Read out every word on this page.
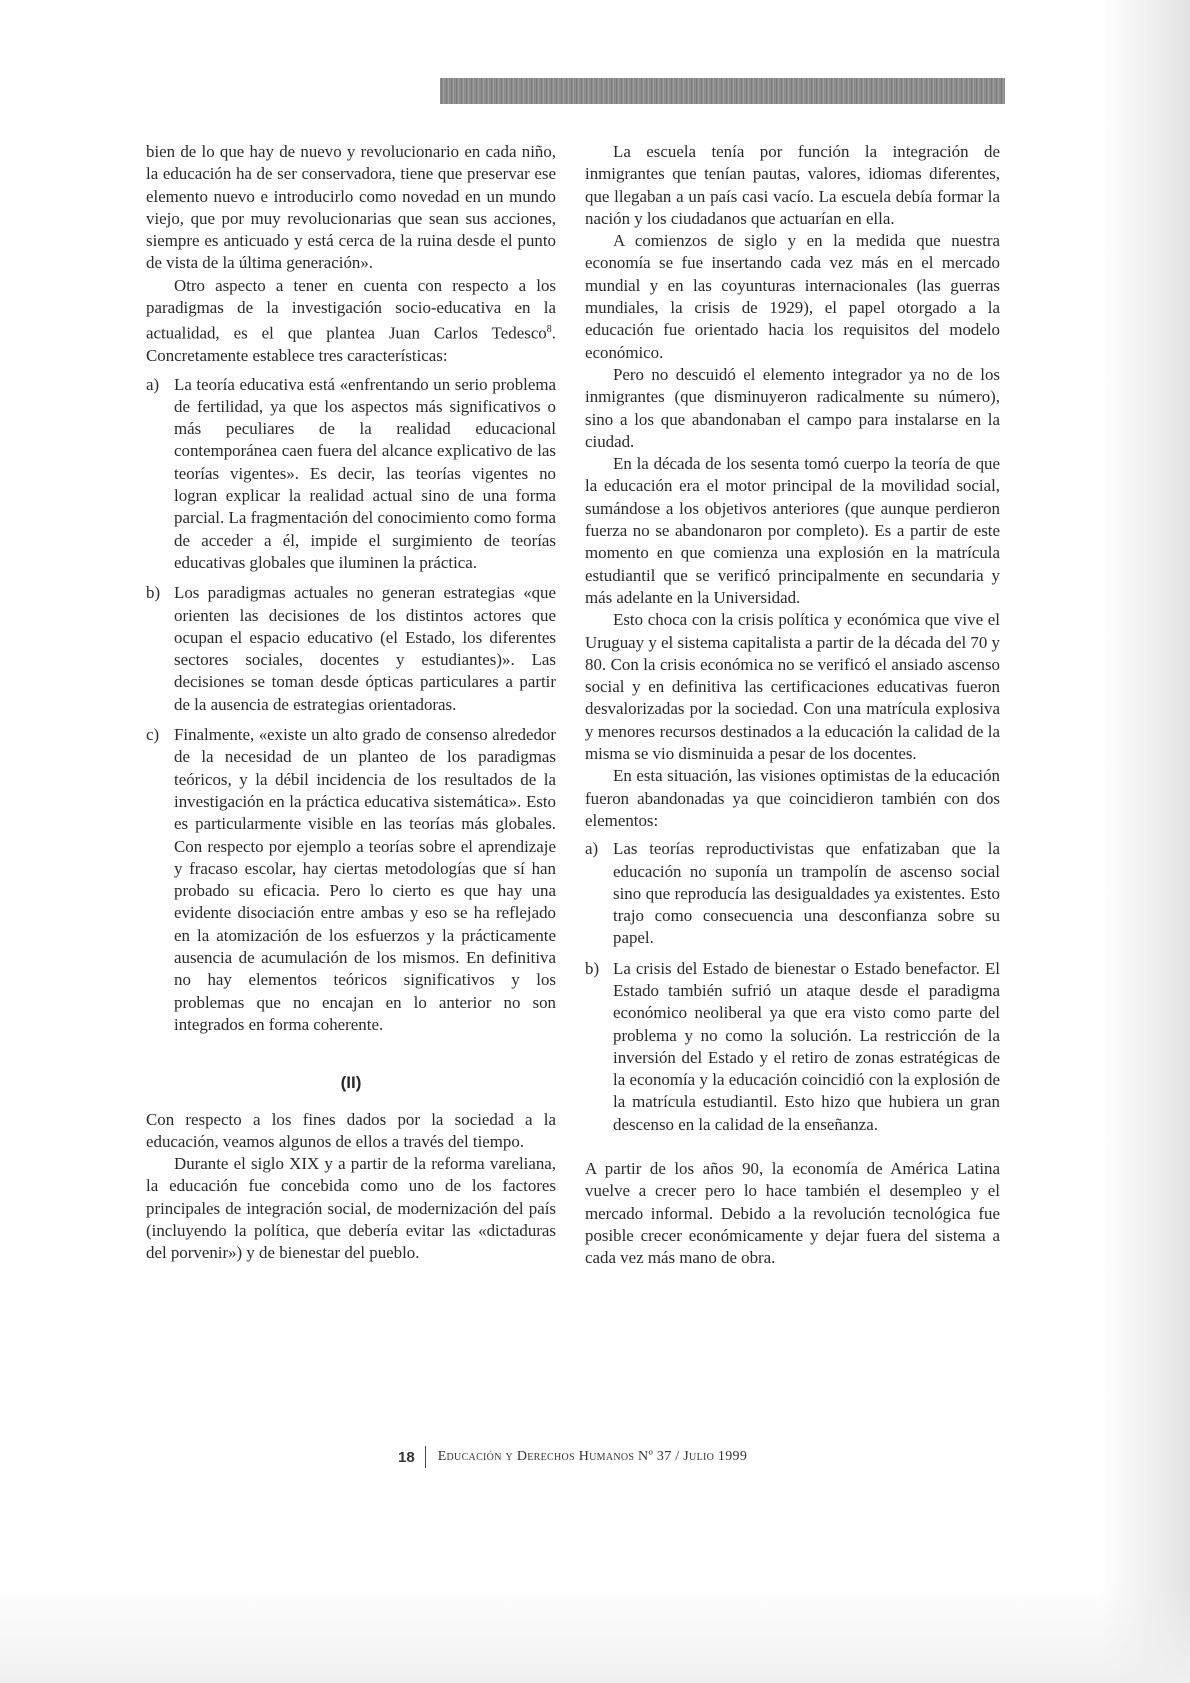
bien de lo que hay de nuevo y revolucionario en cada niño, la educación ha de ser conservadora, tiene que preservar ese elemento nuevo e introducirlo como novedad en un mundo viejo, que por muy revolucionarias que sean sus acciones, siempre es anticuado y está cerca de la ruina desde el punto de vista de la última generación».

Otro aspecto a tener en cuenta con respecto a los paradigmas de la investigación socio-educativa en la actualidad, es el que plantea Juan Carlos Tedesco$^8$. Concretamente establece tres características:

a) La teoría educativa está «enfrentando un serio problema de fertilidad, ya que los aspectos más significativos o más peculiares de la realidad educacional contemporánea caen fuera del alcance explicativo de las teorías vigentes». Es decir, las teorías vigentes no logran explicar la realidad actual sino de una forma parcial. La fragmentación del conocimiento como forma de acceder a él, impide el surgimiento de teorías educativas globales que iluminen la práctica.
b) Los paradigmas actuales no generan estrategias «que orienten las decisiones de los distintos actores que ocupan el espacio educativo (el Estado, los diferentes sectores sociales, docentes y estudiantes)». Las decisiones se toman desde ópticas particulares a partir de la ausencia de estrategias orientadoras.
c) Finalmente, «existe un alto grado de consenso alrededor de la necesidad de un planteo de los paradigmas teóricos, y la débil incidencia de los resultados de la investigación en la práctica educativa sistemática». Esto es particularmente visible en las teorías más globales. Con respecto por ejemplo a teorías sobre el aprendizaje y fracaso escolar, hay ciertas metodologías que sí han probado su eficacia. Pero lo cierto es que hay una evidente disociación entre ambas y eso se ha reflejado en la atomización de los esfuerzos y la prácticamente ausencia de acumulación de los mismos. En definitiva no hay elementos teóricos significativos y los problemas que no encajan en lo anterior no son integrados en forma coherente.
(II)

Con respecto a los fines dados por la sociedad a la educación, veamos algunos de ellos a través del tiempo.

Durante el siglo XIX y a partir de la reforma vareliana, la educación fue concebida como uno de los factores principales de integración social, de modernización del país (incluyendo la política, que debería evitar las «dictaduras del porvenir») y de bienestar del pueblo.

La escuela tenía por función la integración de inmigrantes que tenían pautas, valores, idiomas diferentes, que llegaban a un país casi vacío. La escuela debía formar la nación y los ciudadanos que actuarían en ella.

A comienzos de siglo y en la medida que nuestra economía se fue insertando cada vez más en el mercado mundial y en las coyunturas internacionales (las guerras mundiales, la crisis de 1929), el papel otorgado a la educación fue orientado hacia los requisitos del modelo económico.

Pero no descuidó el elemento integrador ya no de los inmigrantes (que disminuyeron radicalmente su número), sino a los que abandonaban el campo para instalarse en la ciudad.

En la década de los sesenta tomó cuerpo la teoría de que la educación era el motor principal de la movilidad social, sumándose a los objetivos anteriores (que aunque perdieron fuerza no se abandonaron por completo). Es a partir de este momento en que comienza una explosión en la matrícula estudiantil que se verificó principalmente en secundaria y más adelante en la Universidad.

Esto choca con la crisis política y económica que vive el Uruguay y el sistema capitalista a partir de la década del 70 y 80. Con la crisis económica no se verificó el ansiado ascenso social y en definitiva las certificaciones educativas fueron desvalorizadas por la sociedad. Con una matrícula explosiva y menores recursos destinados a la educación la calidad de la misma se vio disminuida a pesar de los docentes.

En esta situación, las visiones optimistas de la educación fueron abandonadas ya que coincidieron también con dos elementos:

a) Las teorías reproductivistas que enfatizaban que la educación no suponía un trampolín de ascenso social sino que reproducía las desigualdades ya existentes. Esto trajo como consecuencia una desconfianza sobre su papel.
b) La crisis del Estado de bienestar o Estado benefactor. El Estado también sufrió un ataque desde el paradigma económico neoliberal ya que era visto como parte del problema y no como la solución. La restricción de la inversión del Estado y el retiro de zonas estratégicas de la economía y la educación coincidió con la explosión de la matrícula estudiantil. Esto hizo que hubiera un gran descenso en la calidad de la enseñanza.

A partir de los años 90, la economía de América Latina vuelve a crecer pero lo hace también el desempleo y el mercado informal. Debido a la revolución tecnológica fue posible crecer económicamente y dejar fuera del sistema a cada vez más mano de obra.

18 Educación y Derechos Humanos Nº 37 / Julio 1999
